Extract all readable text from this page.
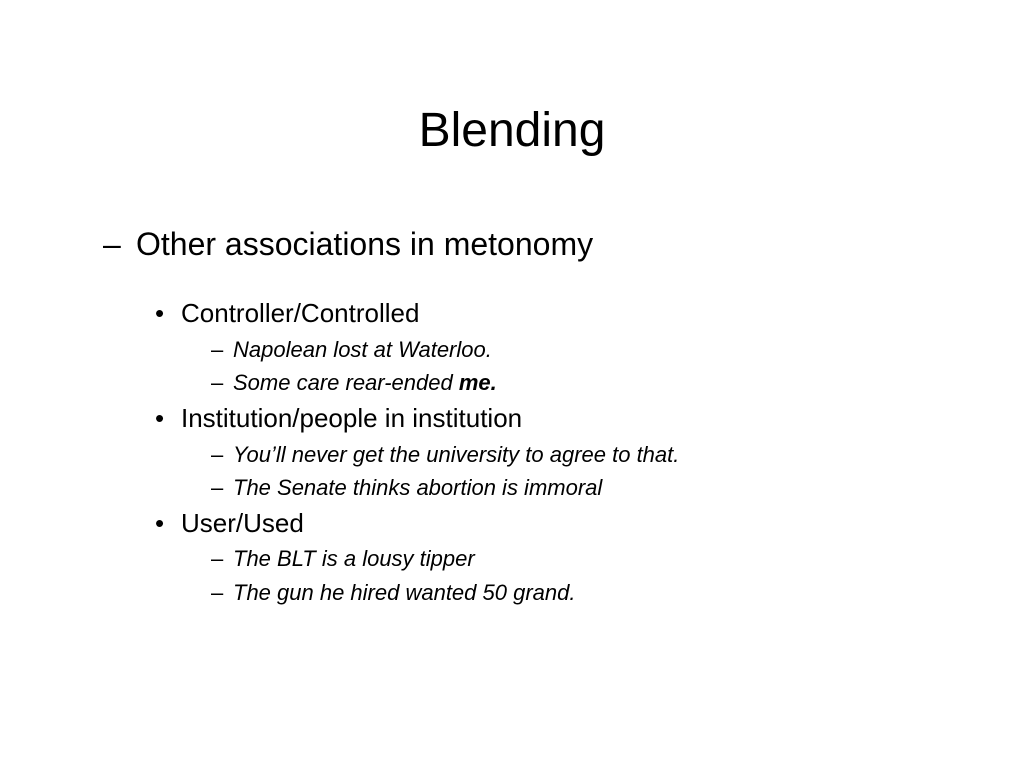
Blending
– Other associations in metonomy
• Controller/Controlled
– Napolean lost at Waterloo.
– Some care rear-ended me.
• Institution/people in institution
– You’ll never get the university to agree to that.
– The Senate thinks abortion is immoral
• User/Used
– The BLT is a lousy tipper
– The gun he hired wanted 50 grand.
